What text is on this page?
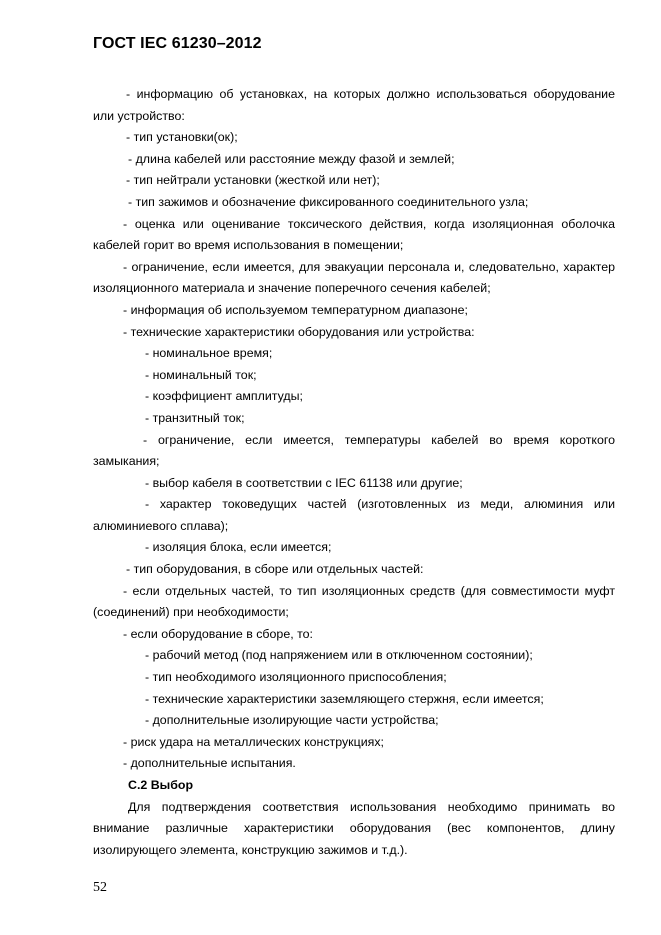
ГОСТ IEC 61230–2012

- информацию об установках, на которых должно использоваться оборудование или устройство:

- тип установки(ок);

- длина кабелей или расстояние между фазой и землей;

- тип нейтрали установки (жесткой или нет);

- тип зажимов и обозначение фиксированного соединительного узла;

- оценка или оценивание токсического действия, когда изоляционная оболочка кабелей горит во время использования в помещении;

- ограничение, если имеется, для эвакуации персонала и, следовательно, характер изоляционного материала и значение поперечного сечения кабелей;

- информация об используемом температурном диапазоне;

- технические характеристики оборудования или устройства:

- номинальное время;

- номинальный ток;

- коэффициент амплитуды;

- транзитный ток;

- ограничение, если имеется, температуры кабелей во время короткого замыкания;

- выбор кабеля в соответствии с IEC 61138 или другие;

- характер токоведущих частей (изготовленных из меди, алюминия или алюминиевого сплава);

- изоляция блока, если имеется;

- тип оборудования, в сборе или отдельных частей:

- если отдельных частей, то тип изоляционных средств (для совместимости муфт (соединений) при необходимости;

- если оборудование в сборе, то:

- рабочий метод (под напряжением или в отключенном состоянии);

- тип необходимого изоляционного приспособления;

- технические характеристики заземляющего стержня, если имеется;

- дополнительные изолирующие части устройства;

- риск удара на металлических конструкциях;

- дополнительные испытания.

C.2 Выбор

Для подтверждения соответствия использования необходимо принимать во внимание различные характеристики оборудования (вес компонентов, длину изолирующего элемента, конструкцию зажимов и т.д.).

52
